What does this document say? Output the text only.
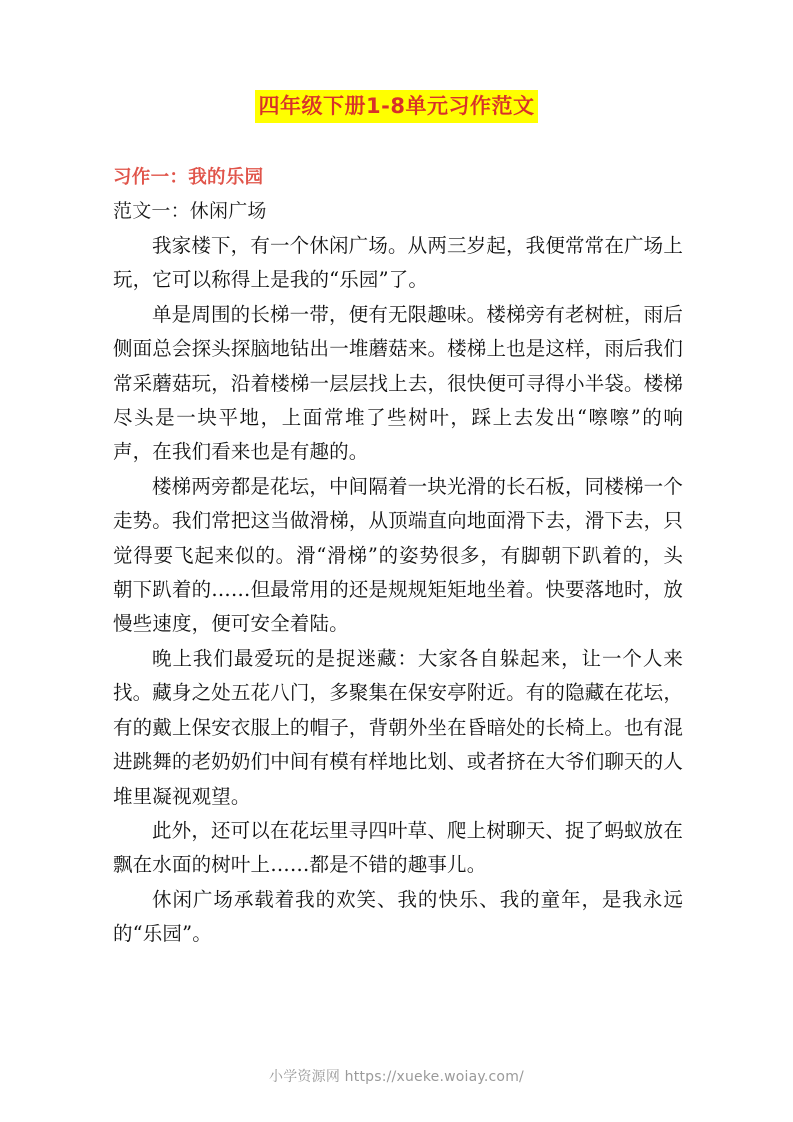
四年级下册1-8单元习作范文
习作一：我的乐园
范文一：休闲广场

我家楼下，有一个休闲广场。从两三岁起，我便常常在广场上玩，它可以称得上是我的“乐园”了。

单是周围的长梯一带，便有无限趣味。楼梯旁有老树桩，雨后侧面总会探头探脑地钻出一堆蘑菇来。楼梯上也是这样，雨后我们常采蘑菇玩，沿着楼梯一层层找上去，很快便可寻得小半袋。楼梯尽头是一块平地，上面常堆了些树叶，踩上去发出“嚓嚓”的响声，在我们看来也是有趣的。

楼梯两旁都是花坛，中间隔着一块光滑的长石板，同楼梯一个走势。我们常把这当做滑梯，从顶端直向地面滑下去，滑下去，只觉得要飞起来似的。滑“滑梯”的姿势很多，有脚朝下趴着的，头朝下趴着的……但最常用的还是规规矩矩地坐着。快要落地时，放慢些速度，便可安全着陆。

晚上我们最爱玩的是捉迷藏：大家各自躲起来，让一个人来找。藏身之处五花八门，多聚集在保安亭附近。有的隐藏在花坛，有的戴上保安衣服上的帽子，背朝外坐在昏暗处的长椅上。也有混进跳舞的老奶奶们中间有模有样地比划、或者挤在大爷们聊天的人堆里凝视观望。

此外，还可以在花坛里寻四叶草、爬上树聊天、捉了蚂蚁放在飘在水面的树叶上……都是不错的趣事儿。

休闲广场承载着我的欢笑、我的快乐、我的童年，是我永远的“乐园”。

小学资源网 https://xueke.woiay.com/
